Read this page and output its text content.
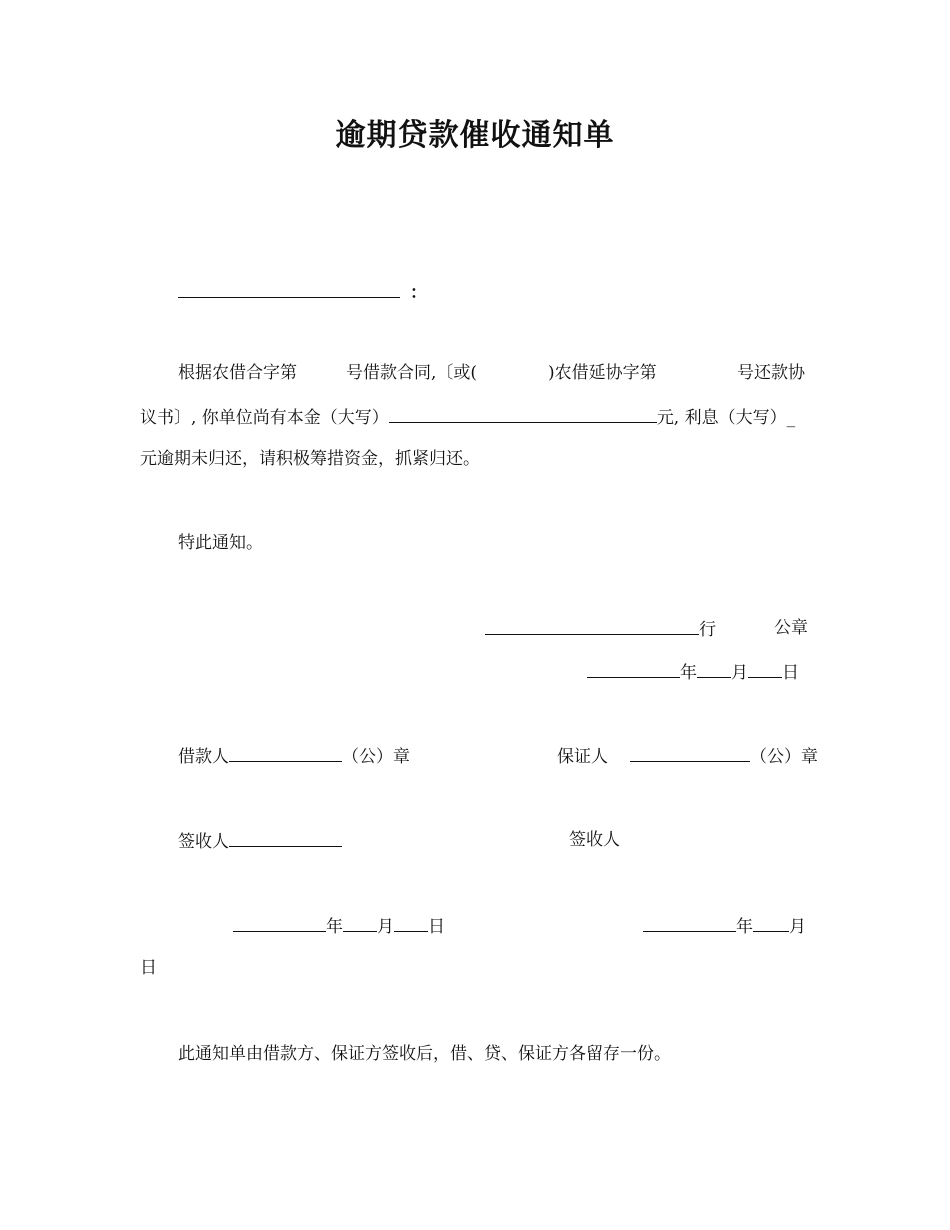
逾期贷款催收通知单
：
根据农借合字第	号借款合同,〔或(	)农借延协字第	号还款协
议书〕, 你单位尚有本金（大写）	元, 利息（大写）_
元逾期未归还，请积极筹措资金，抓紧归还。
特此通知。
行	公章
年 月 日
借款人	（公）章	保证人	（公）章
签收人	签收人
年 月 日	年 月
日
此通知单由借款方、保证方签收后，借、贷、保证方各留存一份。
